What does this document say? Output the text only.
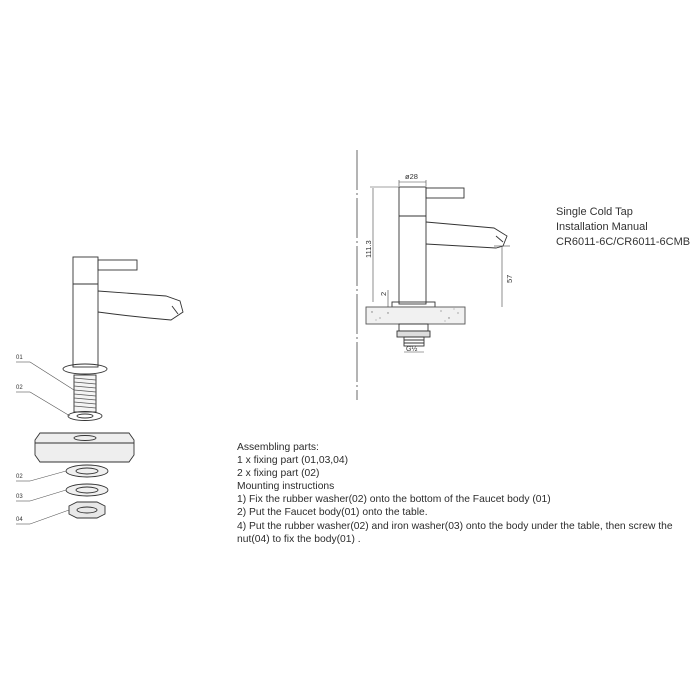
Single Cold Tap
Installation Manual
CR6011-6C/CR6011-6CMB
ø28
111.3
2
57
G½
01
02
02
03
04
Assembling parts:
1 x fixing part (01,03,04)
2 x fixing part (02)
Mounting instructions
1) Fix the rubber washer(02) onto the bottom of the Faucet body (01)
2) Put the Faucet body(01) onto the table.
4) Put the rubber washer(02) and iron washer(03) onto the body under the table, then screw the nut(04) to fix the body(01) .
